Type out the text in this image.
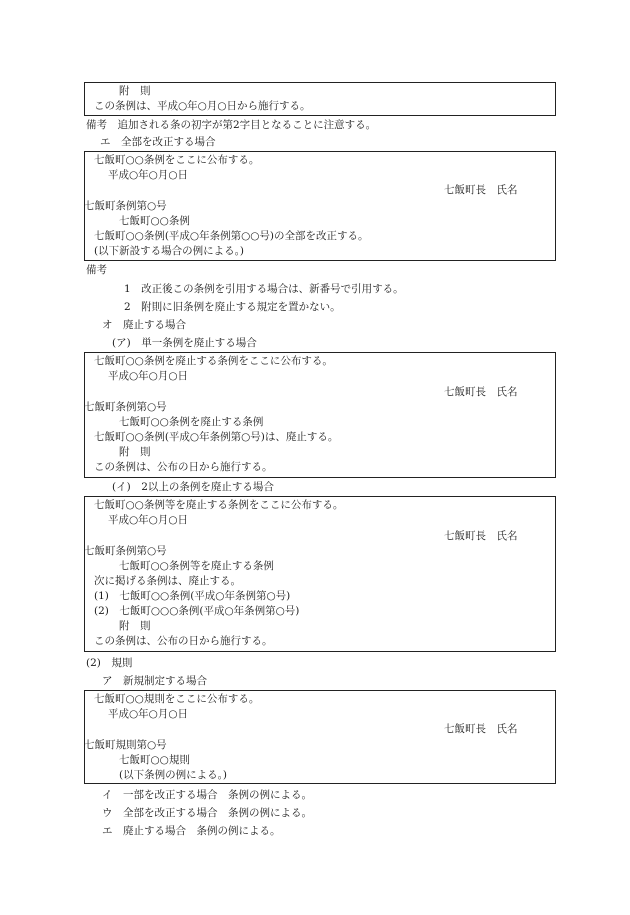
附　則
この条例は、平成○年○月○日から施行する。
備考　追加される条の初字が第2字目となることに注意する。
エ　全部を改正する場合
七飯町○○条例をここに公布する。
平成○年○月○日
七飯町長　氏名
七飯町条例第○号
七飯町○○条例
七飯町○○条例(平成○年条例第○○号)の全部を改正する。
(以下新設する場合の例による。)
備考
1　改正後この条例を引用する場合は、新番号で引用する。
2　附則に旧条例を廃止する規定を置かない。
オ　廃止する場合
(ア)　単一条例を廃止する場合
七飯町○○条例を廃止する条例をここに公布する。
平成○年○月○日
七飯町長　氏名
七飯町条例第○号
七飯町○○条例を廃止する条例
七飯町○○条例(平成○年条例第○号)は、廃止する。
附　則
この条例は、公布の日から施行する。
(イ)　2以上の条例を廃止する場合
七飯町○○条例等を廃止する条例をここに公布する。
平成○年○月○日
七飯町長　氏名
七飯町条例第○号
七飯町○○条例等を廃止する条例
次に掲げる条例は、廃止する。
(1)　七飯町○○条例(平成○年条例第○号)
(2)　七飯町○○○条例(平成○年条例第○号)
附　則
この条例は、公布の日から施行する。
(2)　規則
ア　新規制定する場合
七飯町○○規則をここに公布する。
平成○年○月○日
七飯町長　氏名
七飯町規則第○号
七飯町○○規則
(以下条例の例による。)
イ　一部を改正する場合　条例の例による。
ウ　全部を改正する場合　条例の例による。
エ　廃止する場合　条例の例による。
